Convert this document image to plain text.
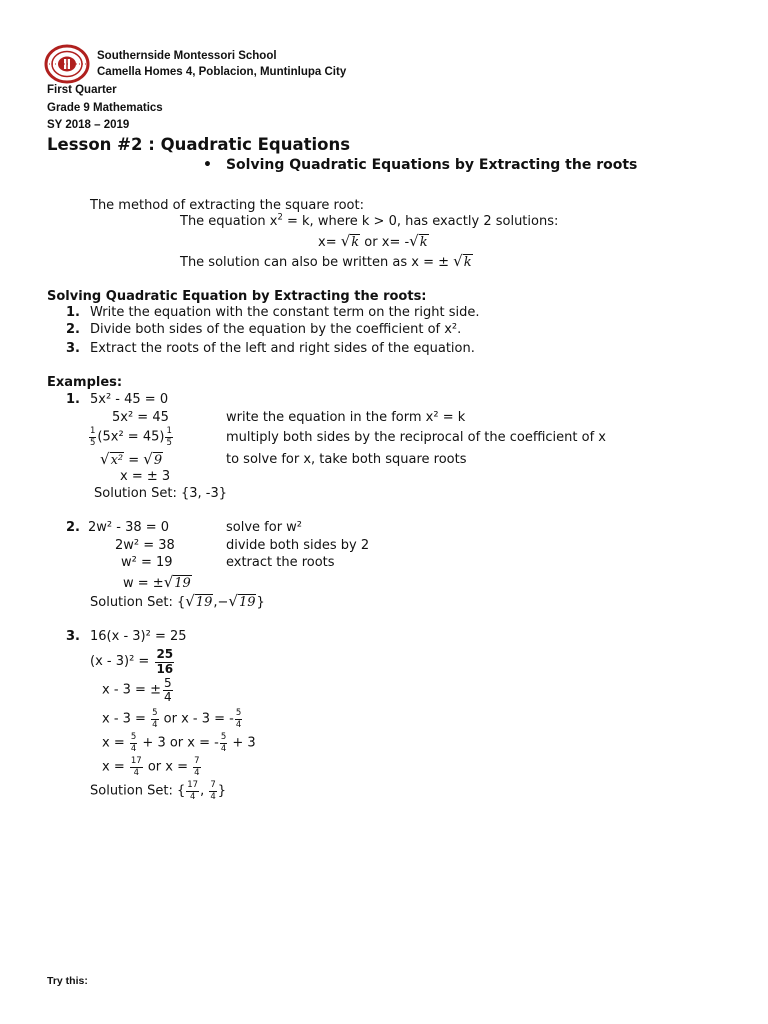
Southernside Montessori School
Camella Homes 4, Poblacion, Muntinlupa City
First Quarter
Grade 9 Mathematics
SY 2018 – 2019
Lesson #2 : Quadratic Equations
• Solving Quadratic Equations by Extracting the roots
The method of extracting the square root:
The equation $x^2 = k$, where k > 0, has exactly 2 solutions:
x= √k or x= -√k
The solution can also be written as x = ± √k
Solving Quadratic Equation by Extracting the roots:
1. Write the equation with the constant term on the right side.
2. Divide both sides of the equation by the coefficient of x².
3. Extract the roots of the left and right sides of the equation.
Examples:
1. 5x² - 45 = 0
5x² = 45	write the equation in the form x² = k
$\frac{1}{5} (5x^2 = 45) \frac{1}{5}$	multiply both sides by the reciprocal of the coefficient of x
√x² = √9	to solve for x, take both square roots
x = ± 3
Solution Set: {3, -3}
2. 2w² - 38 = 0	solve for w²
2w² = 38	divide both sides by 2
w² = 19	extract the roots
w = ±√19
Solution Set: {√19,−√19}
3. 16(x - 3)² = 25
$(x - 3)^2 = \frac{25}{16}$
x - 3 = ± $\frac{5}{4}$
$x - 3 = \frac{5}{4}$ or x - 3 = - $\frac{5}{4}$
$x = \frac{5}{4} + 3$ or x = - $\frac{5}{4} + 3$
$x = \frac{17}{4}$ or $x = \frac{7}{4}$
Solution Set: { $\frac{17}{4}$ , $\frac{7}{4}$ }
Try this:
